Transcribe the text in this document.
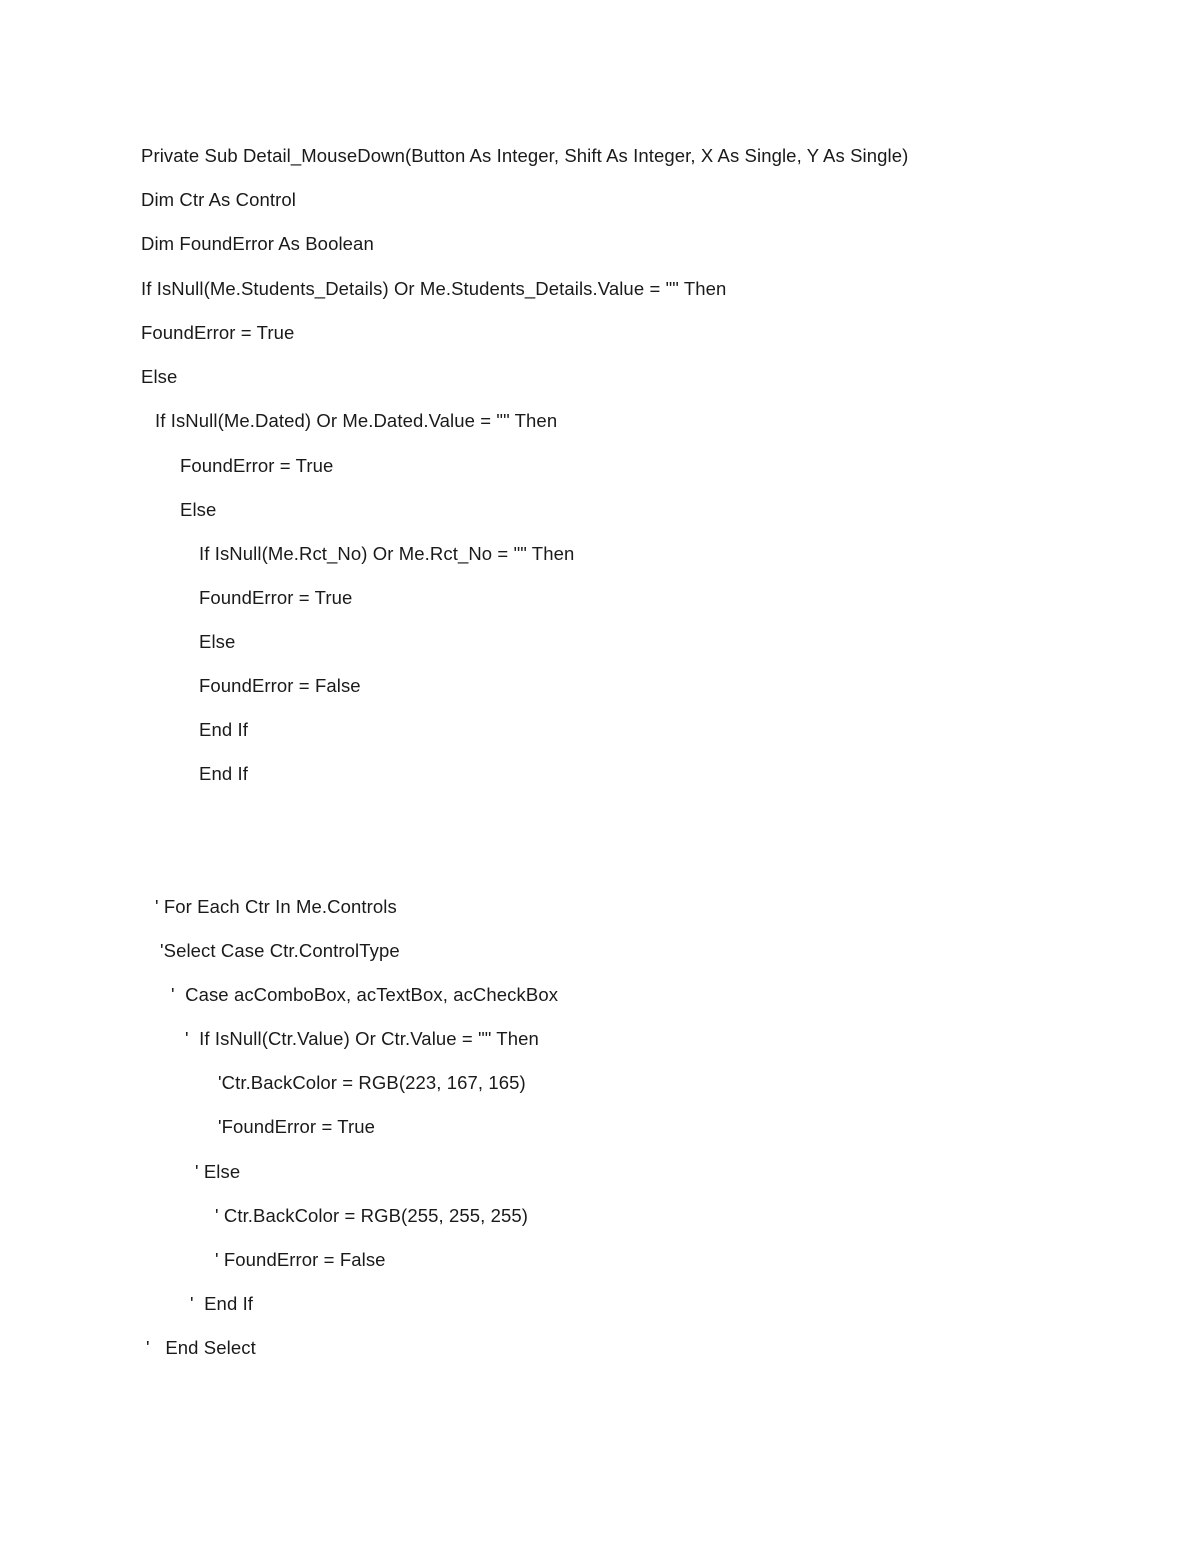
Private Sub Detail_MouseDown(Button As Integer, Shift As Integer, X As Single, Y As Single)

Dim Ctr As Control

Dim FoundError As Boolean

If IsNull(Me.Students_Details) Or Me.Students_Details.Value = "" Then

FoundError = True

Else

If IsNull(Me.Dated) Or Me.Dated.Value = "" Then

FoundError = True

Else

If IsNull(Me.Rct_No) Or Me.Rct_No = "" Then

FoundError = True

Else

FoundError = False

End If

End If

' For Each Ctr In Me.Controls

'Select Case Ctr.ControlType

'  Case acComboBox, acTextBox, acCheckBox

'  If IsNull(Ctr.Value) Or Ctr.Value = "" Then

'Ctr.BackColor = RGB(223, 167, 165)

'FoundError = True

' Else

' Ctr.BackColor = RGB(255, 255, 255)

' FoundError = False

'  End If

'   End Select
